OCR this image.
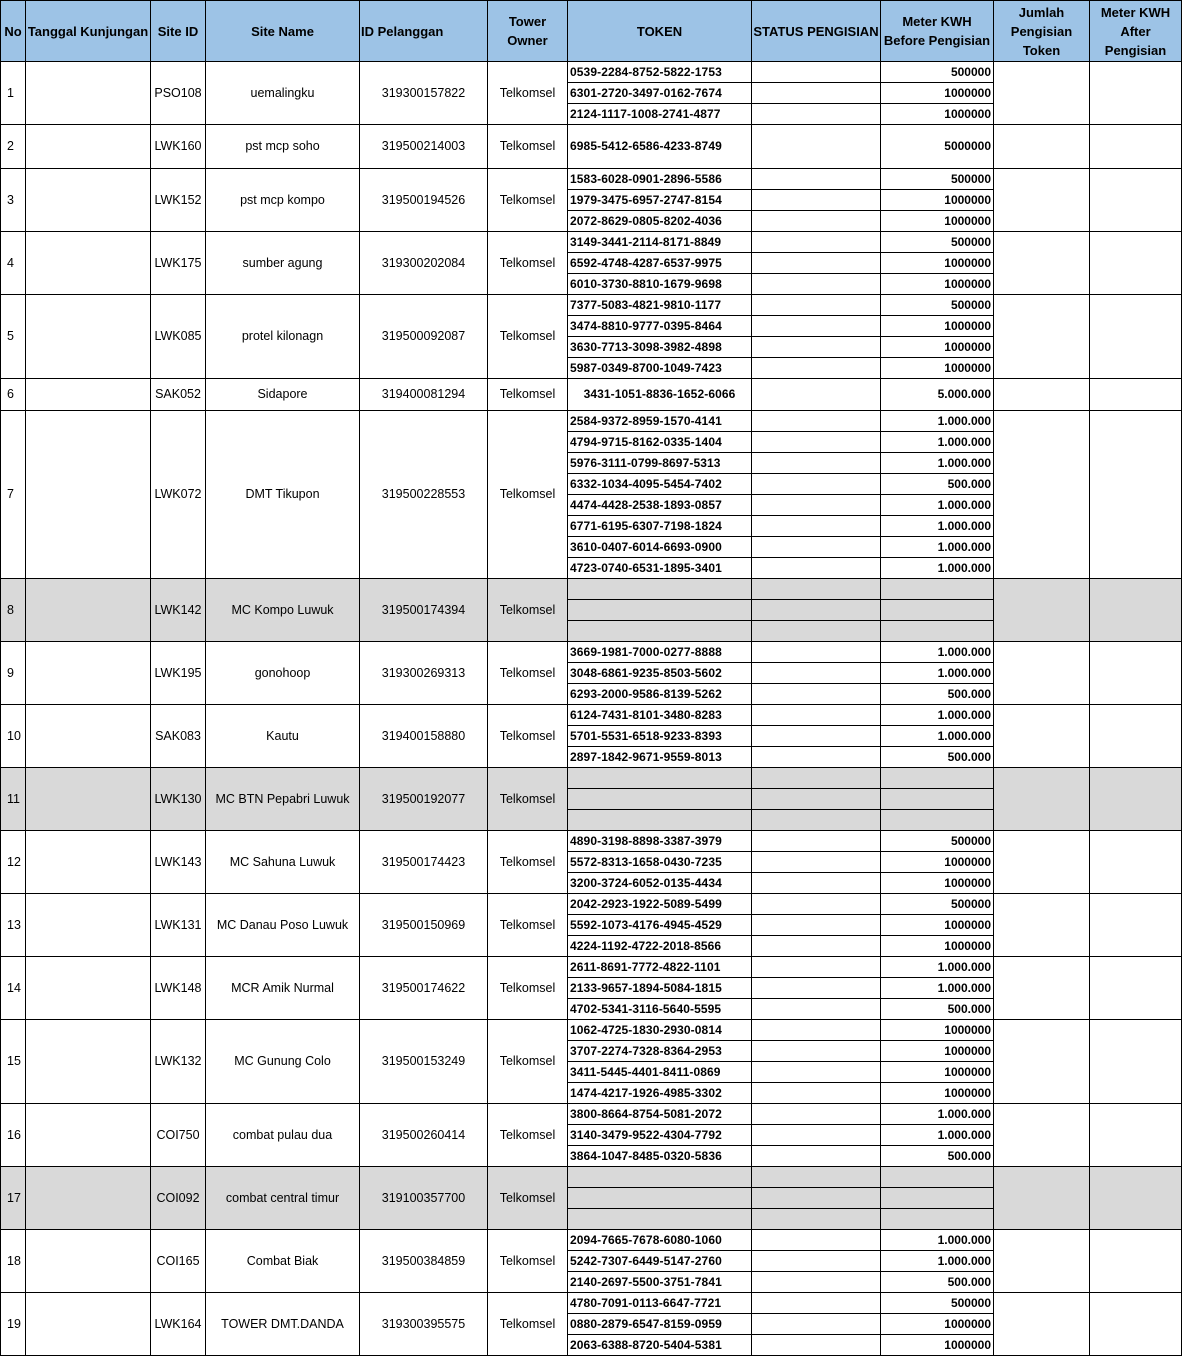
No	Tanggal Kunjungan	Site ID	Site Name	ID Pelanggan	Tower Owner	TOKEN	STATUS PENGISIAN	Meter KWH Before Pengisian	Jumlah Pengisian Token	Meter KWH After Pengisian
1		PSO108	uemalingku	319300157822	Telkomsel	0539-2284-8752-5822-1753		500000		
						6301-2720-3497-0162-7674		1000000		
						2124-1117-1008-2741-4877		1000000		
2		LWK160	pst mcp soho	319500214003	Telkomsel	6985-5412-6586-4233-8749		5000000		
3		LWK152	pst mcp kompo	319500194526	Telkomsel	1583-6028-0901-2896-5586		500000		
						1979-3475-6957-2747-8154		1000000		
						2072-8629-0805-8202-4036		1000000		
4		LWK175	sumber agung	319300202084	Telkomsel	3149-3441-2114-8171-8849		500000		
						6592-4748-4287-6537-9975		1000000		
						6010-3730-8810-1679-9698		1000000		
5		LWK085	protel kilonagn	319500092087	Telkomsel	7377-5083-4821-9810-1177		500000		
						3474-8810-9777-0395-8464		1000000		
						3630-7713-3098-3982-4898		1000000		
						5987-0349-8700-1049-7423		1000000		
6		SAK052	Sidapore	319400081294	Telkomsel	3431-1051-8836-1652-6066		5.000.000		
7		LWK072	DMT Tikupon	319500228553	Telkomsel	2584-9372-8959-1570-4141		1.000.000		
						4794-9715-8162-0335-1404		1.000.000		
						5976-3111-0799-8697-5313		1.000.000		
						6332-1034-4095-5454-7402		500.000		
						4474-4428-2538-1893-0857		1.000.000		
						6771-6195-6307-7198-1824		1.000.000		
						3610-0407-6014-6693-0900		1.000.000		
						4723-0740-6531-1895-3401		1.000.000		
8		LWK142	MC Kompo Luwuk	319500174394	Telkomsel					

9		LWK195	gonohoop	319300269313	Telkomsel	3669-1981-7000-0277-8888		1.000.000		
						3048-6861-9235-8503-5602		1.000.000		
						6293-2000-9586-8139-5262		500.000		
10		SAK083	Kautu	319400158880	Telkomsel	6124-7431-8101-3480-8283		1.000.000		
						5701-5531-6518-9233-8393		1.000.000		
						2897-1842-9671-9559-8013		500.000		
11		LWK130	MC BTN Pepabri Luwuk	319500192077	Telkomsel					

12		LWK143	MC Sahuna Luwuk	319500174423	Telkomsel	4890-3198-8898-3387-3979		500000		
						5572-8313-1658-0430-7235		1000000		
						3200-3724-6052-0135-4434		1000000		
13		LWK131	MC Danau Poso Luwuk	319500150969	Telkomsel	2042-2923-1922-5089-5499		500000		
						5592-1073-4176-4945-4529		1000000		
						4224-1192-4722-2018-8566		1000000		
14		LWK148	MCR Amik Nurmal	319500174622	Telkomsel	2611-8691-7772-4822-1101		1.000.000		
						2133-9657-1894-5084-1815		1.000.000		
						4702-5341-3116-5640-5595		500.000		
15		LWK132	MC Gunung Colo	319500153249	Telkomsel	1062-4725-1830-2930-0814		1000000		
						3707-2274-7328-8364-2953		1000000		
						3411-5445-4401-8411-0869		1000000		
						1474-4217-1926-4985-3302		1000000		
16		COI750	combat pulau dua	319500260414	Telkomsel	3800-8664-8754-5081-2072		1.000.000		
						3140-3479-9522-4304-7792		1.000.000		
						3864-1047-8485-0320-5836		500.000		
17		COI092	combat central timur	319100357700	Telkomsel					

18		COI165	Combat Biak	319500384859	Telkomsel	2094-7665-7678-6080-1060		1.000.000		
						5242-7307-6449-5147-2760		1.000.000		
						2140-2697-5500-3751-7841		500.000		
19		LWK164	TOWER DMT.DANDA	319300395575	Telkomsel	4780-7091-0113-6647-7721		500000		
						0880-2879-6547-8159-0959		1000000		
						2063-6388-8720-5404-5381		1000000		
